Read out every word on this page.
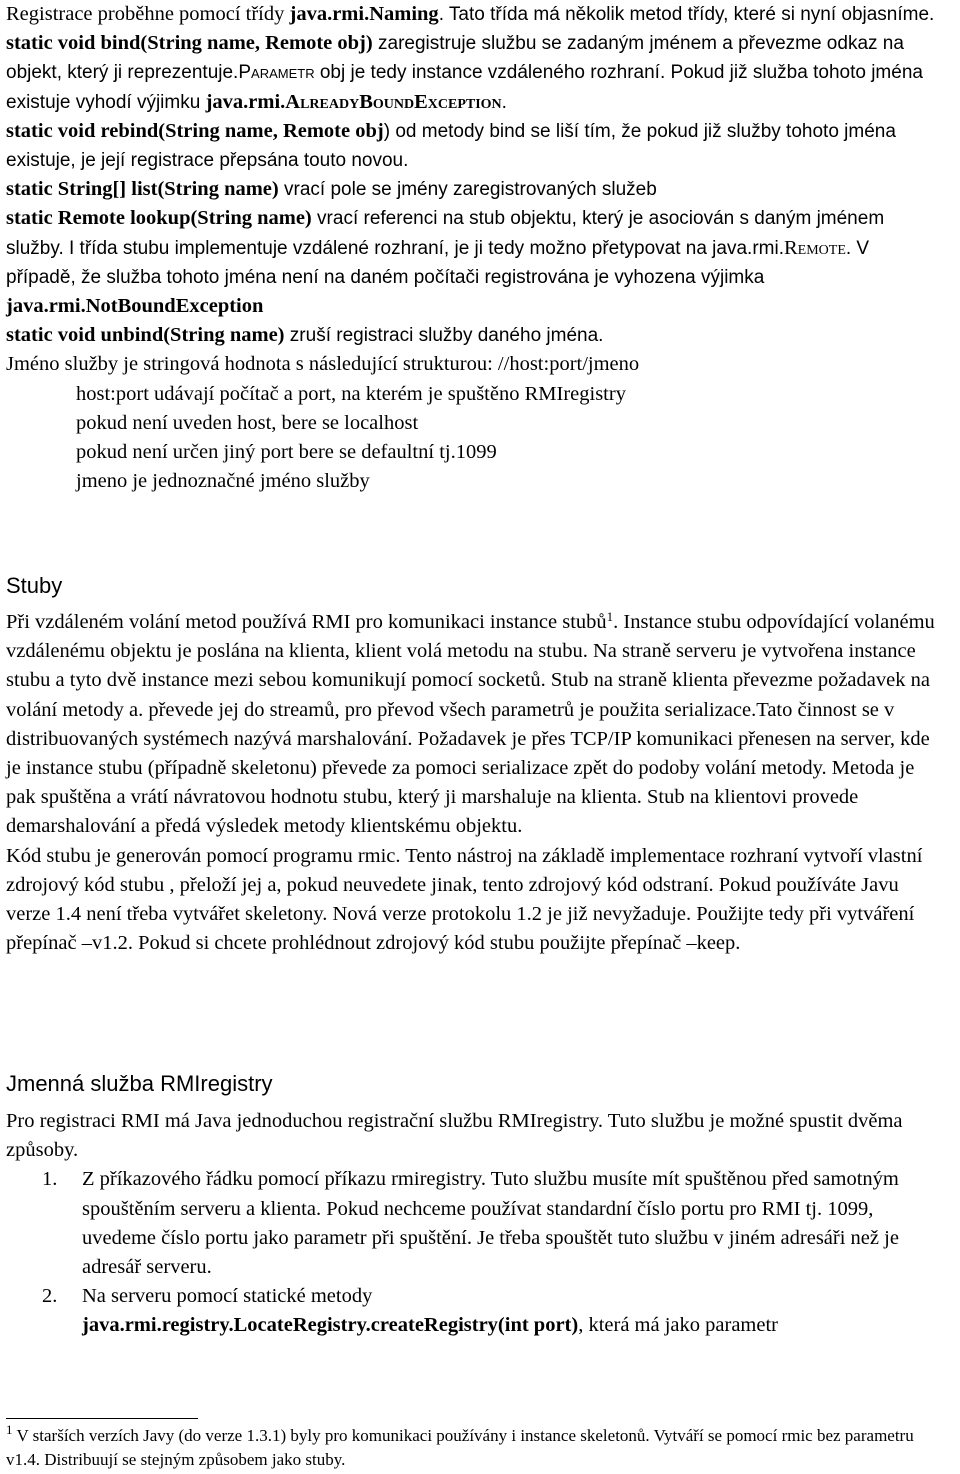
Registrace proběhne pomocí třídy java.rmi.Naming. Tato třída má několik metod třídy, které si nyní objasníme.

static void bind(String name, Remote obj) zaregistruje službu se zadaným jménem a převezme odkaz na objekt, který ji reprezentuje.Parametr obj je tedy instance vzdáleného rozhraní. Pokud již služba tohoto jména existuje vyhodí výjimku java.rmi.AlreadyBoundException.

static void rebind(String name, Remote obj) od metody bind se liší tím, že pokud již služby tohoto jména existuje, je její registrace přepsána touto novou.

static String[] list(String name) vrací pole se jmény zaregistrovaných služeb

static Remote lookup(String name) vrací referenci na stub objektu, který je asociován s daným jménem služby. I třída stubu implementuje vzdálené rozhraní, je ji tedy možno přetypovat na java.rmi.Remote. V případě, že služba tohoto jména není na daném počítači registrována je vyhozena výjimka java.rmi.NotBoundException

static void unbind(String name) zruší registraci služby daného jména.

Jméno služby je stringová hodnota s následující strukturou: //host:port/jmeno

host:port udávají počítač a port, na kterém je spuštěno RMIregistry

pokud není uveden host, bere se localhost

pokud není určen jiný port bere se defaultní tj.1099

jmeno je jednoznačné jméno služby

Stuby

Při vzdáleném volání metod používá RMI pro komunikaci instance stubů$^1$. Instance stubu odpovídající volanému vzdálenému objektu je poslána na klienta, klient volá metodu na stubu. Na straně serveru je vytvořena instance stubu a tyto dvě instance mezi sebou komunikují pomocí socketů. Stub na straně klienta převezme požadavek na volání metody a. převede jej do streamů, pro převod všech parametrů je použita serializace.Tato činnost se v distribuovaných systémech nazývá marshalování. Požadavek je přes TCP/IP komunikaci přenesen na server, kde je instance stubu (případně skeletonu) převede za pomoci serializace zpět do podoby volání metody. Metoda je pak spuštěna a vrátí návratovou hodnotu stubu, který ji marshaluje na klienta. Stub na klientovi provede demarshalování a předá výsledek metody klientskému objektu.

Kód stubu je generován pomocí programu rmic. Tento nástroj na základě implementace rozhraní vytvoří vlastní zdrojový kód stubu , přeloží jej a, pokud neuvedete jinak, tento zdrojový kód odstraní. Pokud používáte Javu verze 1.4 není třeba vytvářet skeletony. Nová verze protokolu 1.2 je již nevyžaduje. Použijte tedy při vytváření přepínač –v1.2. Pokud si chcete prohlédnout zdrojový kód stubu použijte přepínač –keep.

Jmenná služba RMIregistry

Pro registraci RMI má Java jednoduchou registrační službu RMIregistry. Tuto službu je možné spustit dvěma způsoby.

1. Z příkazového řádku pomocí příkazu rmiregistry. Tuto službu musíte mít spuštěnou před samotným spouštěním serveru a klienta. Pokud nechceme používat standardní číslo portu pro RMI tj. 1099, uvedeme číslo portu jako parametr při spuštění. Je třeba spouštět tuto službu v jiném adresáři než je adresář serveru.
2. Na serveru pomocí statické metody
java.rmi.registry.LocateRegistry.createRegistry(int port), která má jako parametr

$^1$ V starších verzích Javy (do verze 1.3.1) byly pro komunikaci používány i instance skeletonů. Vytváří se pomocí rmic bez parametru v1.4. Distribuují se stejným způsobem jako stuby.
